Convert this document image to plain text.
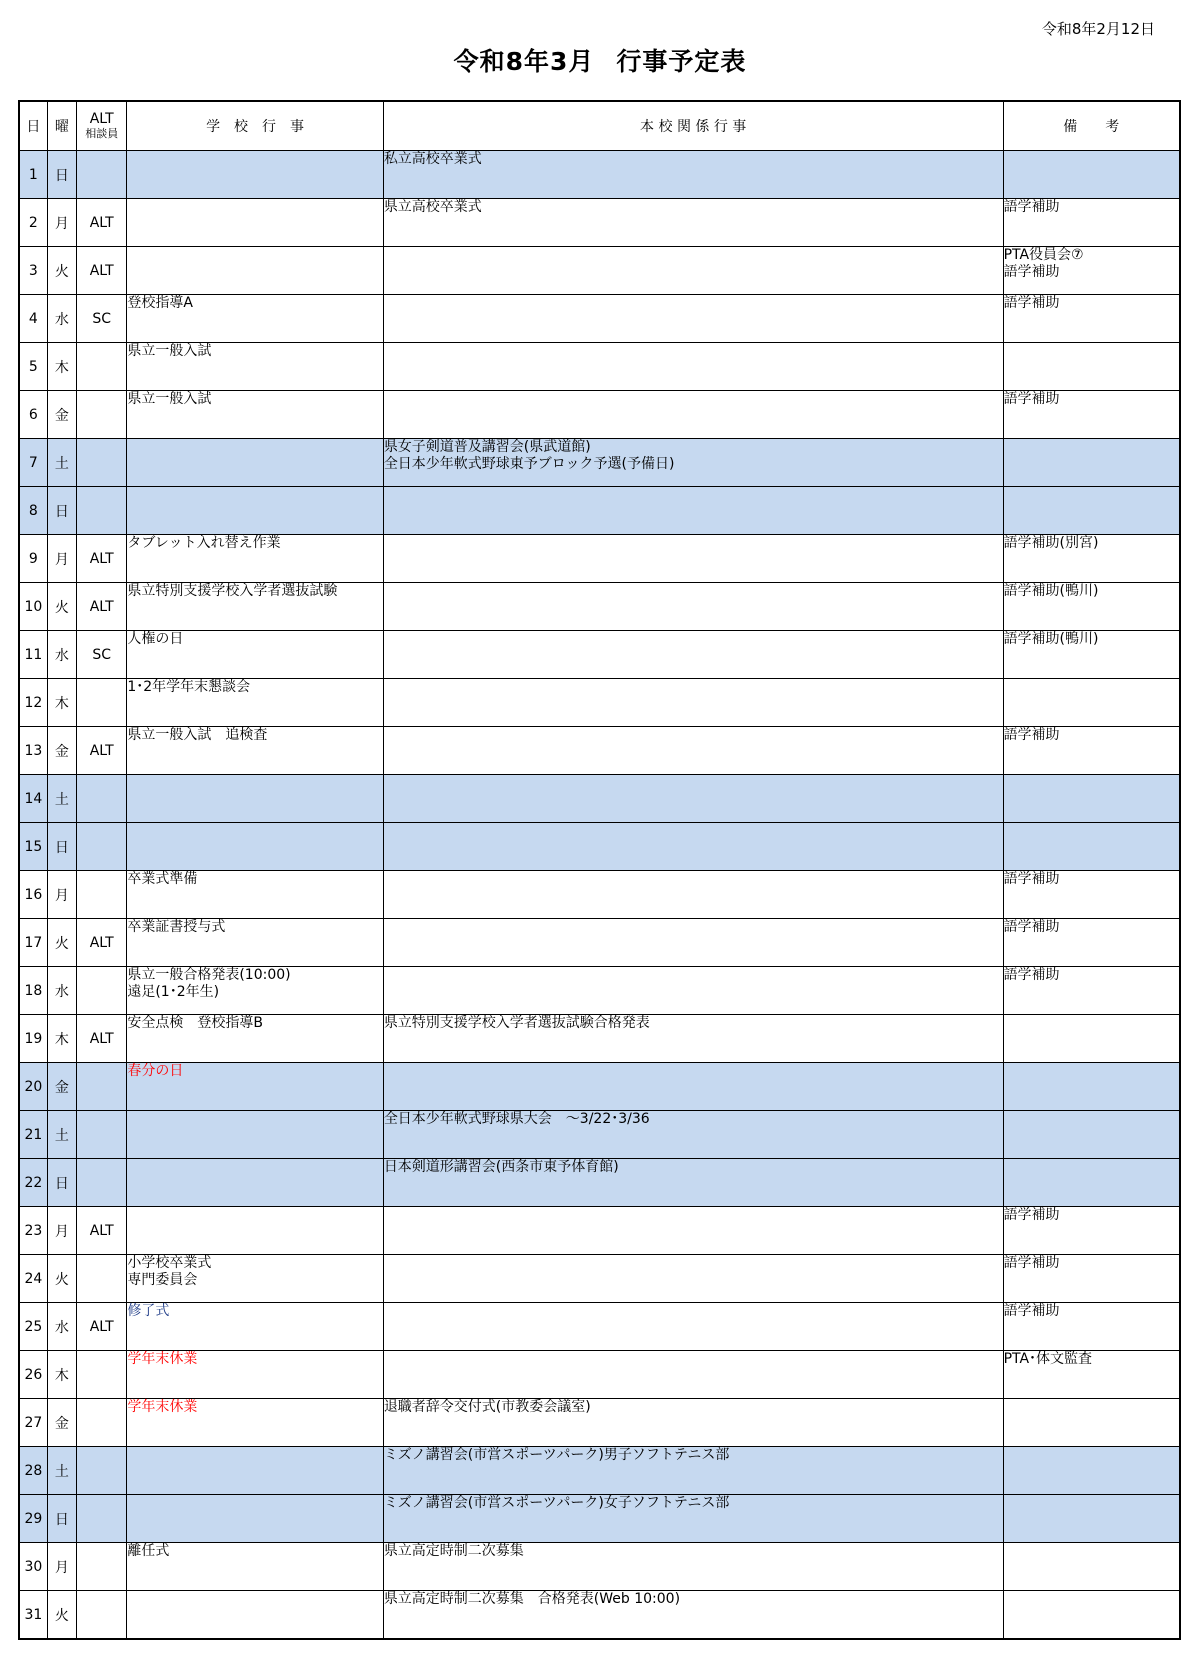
令和8年2月12日
令和8年3月 行事予定表
日	曜	ALT
相談員	学　校　行　事	本 校 関 係 行 事	備　　考
1	日			私立高校卒業式	

2	月	ALT		県立高校卒業式	語学補助

3	火	ALT			PTA役員会⑦
語学補助

4	水	SC	登校指導A		語学補助

5	木		県立一般入試		

6	金		県立一般入試		語学補助

7	土			県女子剣道普及講習会(県武道館)
全日本少年軟式野球東予ブロック予選(予備日)	

8	日				
9	月	ALT	タブレット入れ替え作業		語学補助(別宮)

10	火	ALT	県立特別支援学校入学者選抜試験		語学補助(鴨川)

11	水	SC	人権の日		語学補助(鴨川)

12	木		1･2年学年末懇談会		

13	金	ALT	県立一般入試　追検査		語学補助

14	土				
15	日				
16	月		卒業式準備		語学補助

17	火	ALT	卒業証書授与式		語学補助

18	水		県立一般合格発表(10:00)
遠足(1･2年生)		語学補助

19	木	ALT	安全点検　登校指導B	県立特別支援学校入学者選抜試験合格発表	

20	金		春分の日		

21	土			全日本少年軟式野球県大会　～3/22･3/36	

22	日			日本剣道形講習会(西条市東予体育館)	

23	月	ALT			語学補助

24	火		小学校卒業式
専門委員会		語学補助

25	水	ALT	修了式		語学補助

26	木		学年末休業		PTA･体文監査

27	金		学年末休業	退職者辞令交付式(市教委会議室)	

28	土			ミズノ講習会(市営スポーツパーク)男子ソフトテニス部	

29	日			ミズノ講習会(市営スポーツパーク)女子ソフトテニス部	

30	月		離任式	県立高定時制二次募集	

31	火			県立高定時制二次募集　合格発表(Web 10:00)	
